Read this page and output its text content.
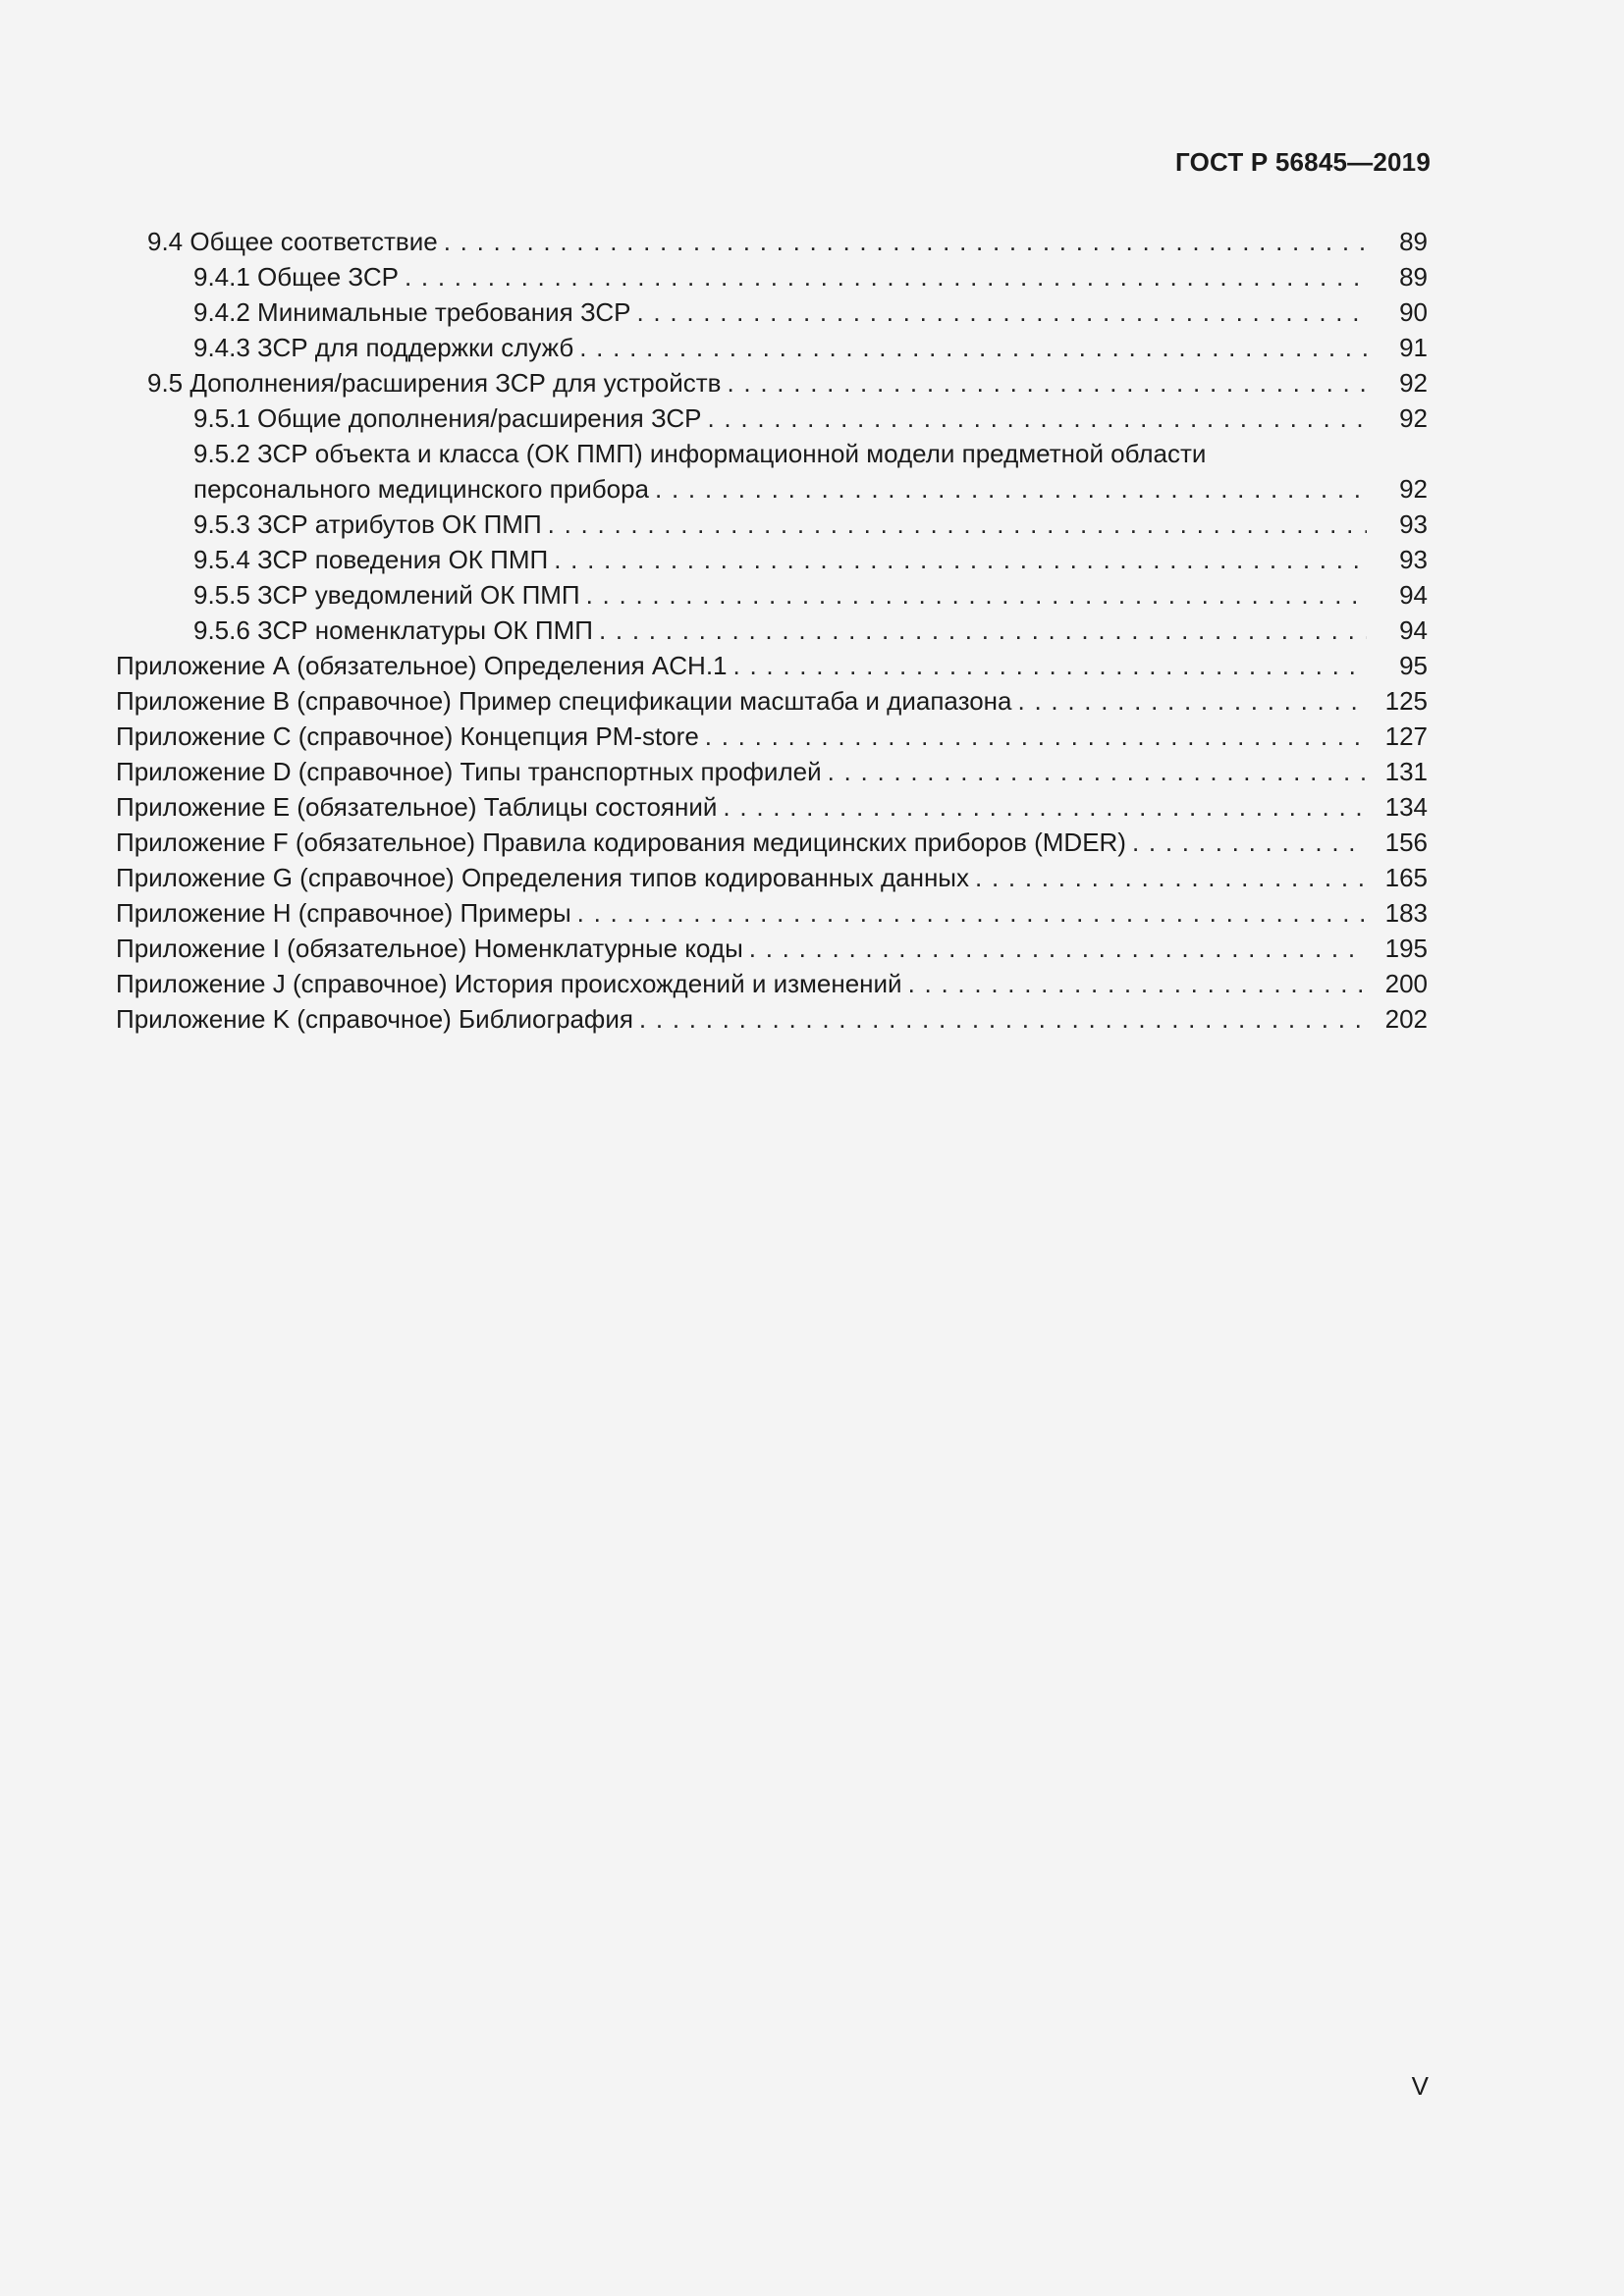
ГОСТ Р 56845—2019
9.4 Общее соответствие . . .	89
9.4.1 Общее ЗСР . . .	89
9.4.2 Минимальные требования ЗСР . . .	90
9.4.3 ЗСР для поддержки служб . . .	91
9.5 Дополнения/расширения ЗСР для устройств . . .	92
9.5.1 Общие дополнения/расширения ЗСР . . .	92
9.5.2 ЗСР объекта и класса (ОК ПМП) информационной модели предметной области
персонального медицинского прибора . . .	92
9.5.3 ЗСР атрибутов ОК ПМП . . .	93
9.5.4 ЗСР поведения ОК ПМП . . .	93
9.5.5 ЗСР уведомлений ОК ПМП . . .	94
9.5.6 ЗСР номенклатуры ОК ПМП . . .	94
Приложение А (обязательное) Определения ACH.1 . . .	95
Приложение В (справочное) Пример спецификации масштаба и диапазона . . .	125
Приложение С (справочное) Концепция PM-store . . .	127
Приложение D (справочное) Типы транспортных профилей . . .	131
Приложение Е (обязательное) Таблицы состояний . . .	134
Приложение F (обязательное) Правила кодирования медицинских приборов (MDER) . . .	156
Приложение G (справочное) Определения типов кодированных данных . . .	165
Приложение Н (справочное) Примеры . . .	183
Приложение I (обязательное) Номенклатурные коды . . .	195
Приложение J (справочное) История происхождений и изменений . . .	200
Приложение K (справочное) Библиография . . .	202
V
